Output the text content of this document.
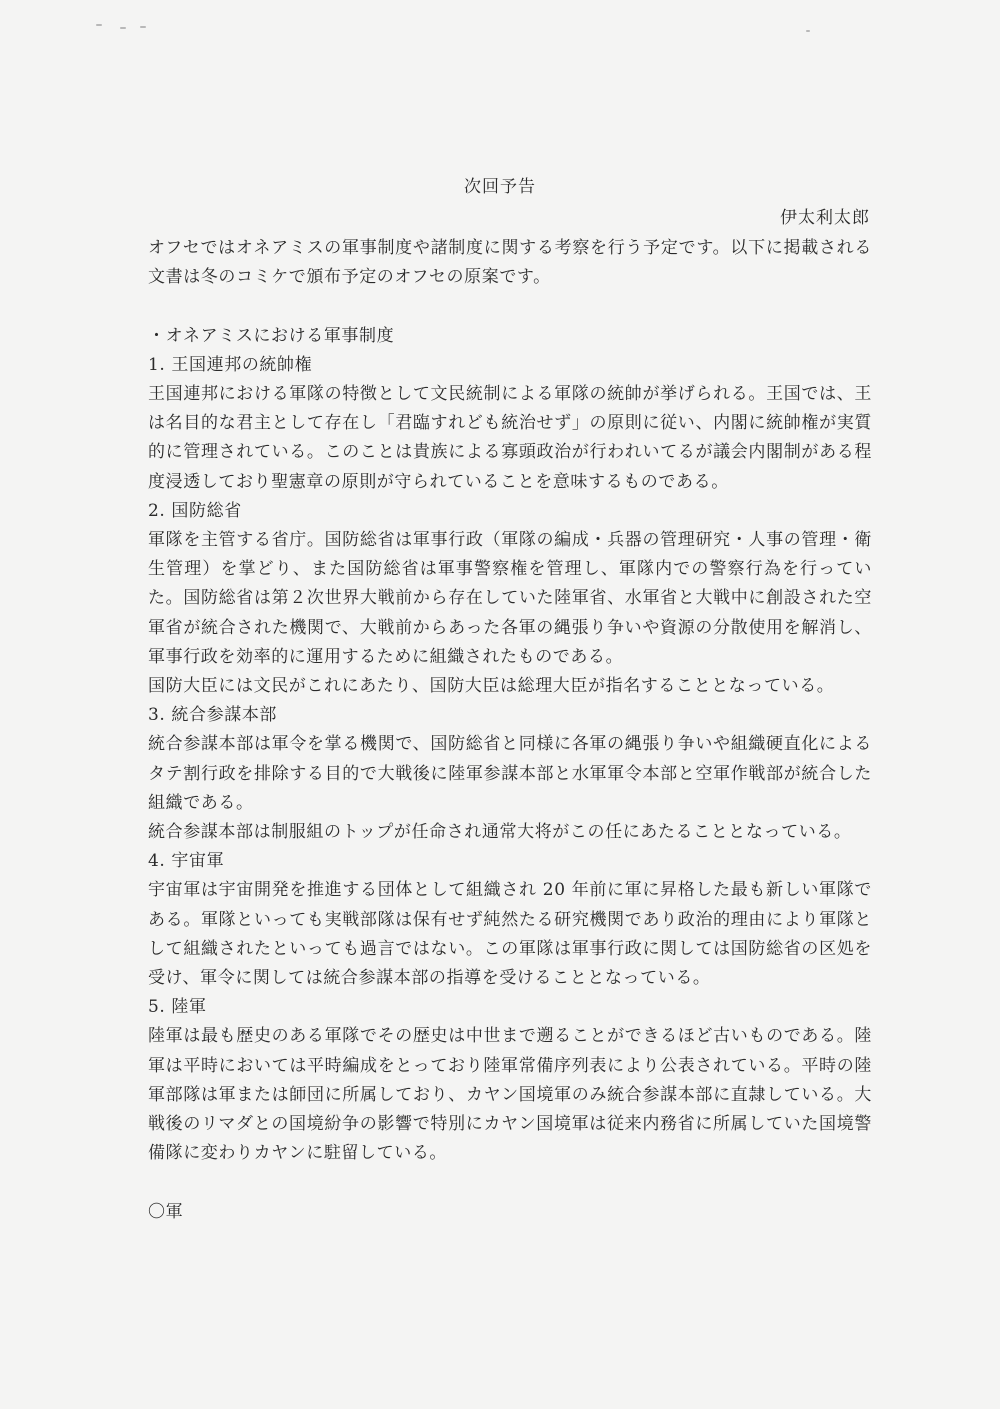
次回予告
伊太利太郎

オフセではオネアミスの軍事制度や諸制度に関する考察を行う予定です。以下に掲載される文書は冬のコミケで頒布予定のオフセの原案です。

・オネアミスにおける軍事制度

1. 王国連邦の統帥権

王国連邦における軍隊の特徴として文民統制による軍隊の統帥が挙げられる。王国では、王は名目的な君主として存在し「君臨すれども統治せず」の原則に従い、内閣に統帥権が実質的に管理されている。このことは貴族による寡頭政治が行われいてるが議会内閣制がある程度浸透しており聖憲章の原則が守られていることを意味するものである。

2. 国防総省

軍隊を主管する省庁。国防総省は軍事行政（軍隊の編成・兵器の管理研究・人事の管理・衛生管理）を掌どり、また国防総省は軍事警察権を管理し、軍隊内での警察行為を行っていた。国防総省は第２次世界大戦前から存在していた陸軍省、水軍省と大戦中に創設された空軍省が統合された機関で、大戦前からあった各軍の縄張り争いや資源の分散使用を解消し、軍事行政を効率的に運用するために組織されたものである。

国防大臣には文民がこれにあたり、国防大臣は総理大臣が指名することとなっている。

3. 統合参謀本部

統合参謀本部は軍令を掌る機関で、国防総省と同様に各軍の縄張り争いや組織硬直化によるタテ割行政を排除する目的で大戦後に陸軍参謀本部と水軍軍令本部と空軍作戦部が統合した組織である。

統合参謀本部は制服組のトップが任命され通常大将がこの任にあたることとなっている。

4. 宇宙軍

宇宙軍は宇宙開発を推進する団体として組織され 20 年前に軍に昇格した最も新しい軍隊である。軍隊といっても実戦部隊は保有せず純然たる研究機関であり政治的理由により軍隊として組織されたといっても過言ではない。この軍隊は軍事行政に関しては国防総省の区処を受け、軍令に関しては統合参謀本部の指導を受けることとなっている。

5. 陸軍

陸軍は最も歴史のある軍隊でその歴史は中世まで遡ることができるほど古いものである。陸軍は平時においては平時編成をとっており陸軍常備序列表により公表されている。平時の陸軍部隊は軍または師団に所属しており、カヤン国境軍のみ統合参謀本部に直隷している。大戦後のリマダとの国境紛争の影響で特別にカヤン国境軍は従来内務省に所属していた国境警備隊に変わりカヤンに駐留している。

〇軍
